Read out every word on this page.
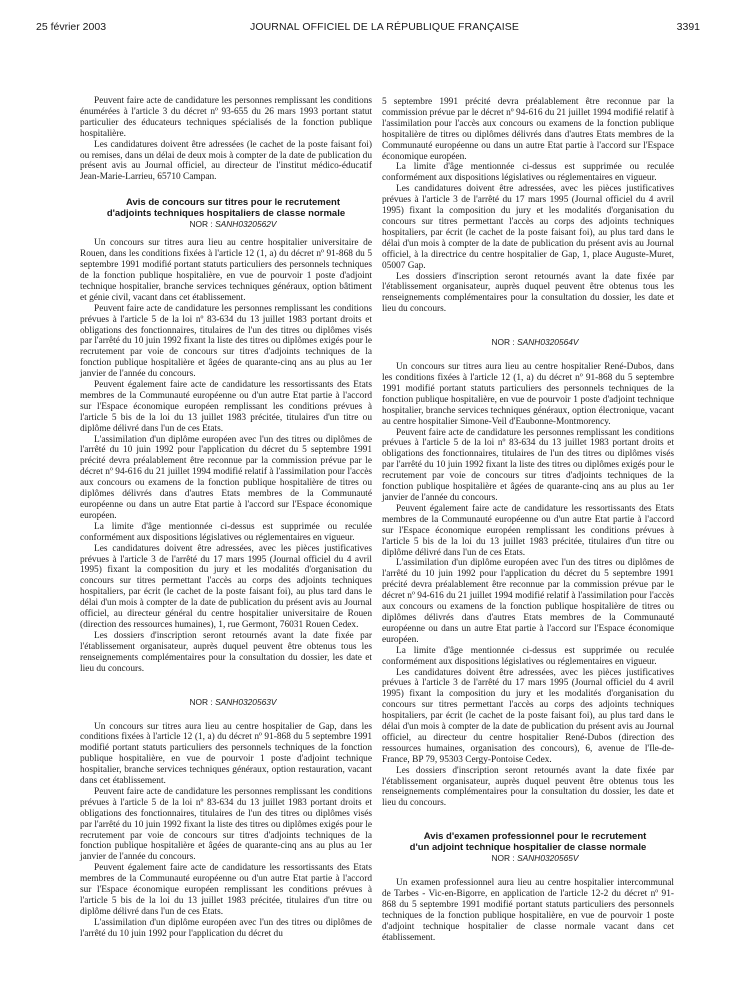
25 février 2003	JOURNAL OFFICIEL DE LA RÉPUBLIQUE FRANÇAISE	3391

Peuvent faire acte de candidature les personnes remplissant les conditions énumérées à l'article 3 du décret nº 93-655 du 26 mars 1993 portant statut particulier des éducateurs techniques spécialisés de la fonction publique hospitalière.

Les candidatures doivent être adressées (le cachet de la poste faisant foi) ou remises, dans un délai de deux mois à compter de la date de publication du présent avis au Journal officiel, au directeur de l'institut médico-éducatif Jean-Marie-Larrieu, 65710 Campan.

Avis de concours sur titres pour le recrutement
d'adjoints techniques hospitaliers de classe normale

NOR : SANH0320562V

Un concours sur titres aura lieu au centre hospitalier universitaire de Rouen, dans les conditions fixées à l'article 12 (1, a) du décret nº 91-868 du 5 septembre 1991 modifié portant statuts particuliers des personnels techniques de la fonction publique hospitalière, en vue de pourvoir 1 poste d'adjoint technique hospitalier, branche services techniques généraux, option bâtiment et génie civil, vacant dans cet établissement.

Peuvent faire acte de candidature les personnes remplissant les conditions prévues à l'article 5 de la loi nº 83-634 du 13 juillet 1983 portant droits et obligations des fonctionnaires, titulaires de l'un des titres ou diplômes visés par l'arrêté du 10 juin 1992 fixant la liste des titres ou diplômes exigés pour le recrutement par voie de concours sur titres d'adjoints techniques de la fonction publique hospitalière et âgées de quarante-cinq ans au plus au 1er janvier de l'année du concours.

Peuvent également faire acte de candidature les ressortissants des Etats membres de la Communauté européenne ou d'un autre Etat partie à l'accord sur l'Espace économique européen remplissant les conditions prévues à l'article 5 bis de la loi du 13 juillet 1983 précitée, titulaires d'un titre ou diplôme délivré dans l'un de ces Etats.

L'assimilation d'un diplôme européen avec l'un des titres ou diplômes de l'arrêté du 10 juin 1992 pour l'application du décret du 5 septembre 1991 précité devra préalablement être reconnue par la commission prévue par le décret nº 94-616 du 21 juillet 1994 modifié relatif à l'assimilation pour l'accès aux concours ou examens de la fonction publique hospitalière de titres ou diplômes délivrés dans d'autres Etats membres de la Communauté européenne ou dans un autre Etat partie à l'accord sur l'Espace économique européen.

La limite d'âge mentionnée ci-dessus est supprimée ou reculée conformément aux dispositions législatives ou réglementaires en vigueur.

Les candidatures doivent être adressées, avec les pièces justificatives prévues à l'article 3 de l'arrêté du 17 mars 1995 (Journal officiel du 4 avril 1995) fixant la composition du jury et les modalités d'organisation du concours sur titres permettant l'accès au corps des adjoints techniques hospitaliers, par écrit (le cachet de la poste faisant foi), au plus tard dans le délai d'un mois à compter de la date de publication du présent avis au Journal officiel, au directeur général du centre hospitalier universitaire de Rouen (direction des ressources humaines), 1, rue Germont, 76031 Rouen Cedex.

Les dossiers d'inscription seront retournés avant la date fixée par l'établissement organisateur, auprès duquel peuvent être obtenus tous les renseignements complémentaires pour la consultation du dossier, les date et lieu du concours.

NOR : SANH0320563V

Un concours sur titres aura lieu au centre hospitalier de Gap, dans les conditions fixées à l'article 12 (1, a) du décret nº 91-868 du 5 septembre 1991 modifié portant statuts particuliers des personnels techniques de la fonction publique hospitalière, en vue de pourvoir 1 poste d'adjoint technique hospitalier, branche services techniques généraux, option restauration, vacant dans cet établissement.

Peuvent faire acte de candidature les personnes remplissant les conditions prévues à l'article 5 de la loi nº 83-634 du 13 juillet 1983 portant droits et obligations des fonctionnaires, titulaires de l'un des titres ou diplômes visés par l'arrêté du 10 juin 1992 fixant la liste des titres ou diplômes exigés pour le recrutement par voie de concours sur titres d'adjoints techniques de la fonction publique hospitalière et âgées de quarante-cinq ans au plus au 1er janvier de l'année du concours.

Peuvent également faire acte de candidature les ressortissants des Etats membres de la Communauté européenne ou d'un autre Etat partie à l'accord sur l'Espace économique européen remplissant les conditions prévues à l'article 5 bis de la loi du 13 juillet 1983 précitée, titulaires d'un titre ou diplôme délivré dans l'un de ces Etats.

L'assimilation d'un diplôme européen avec l'un des titres ou diplômes de l'arrêté du 10 juin 1992 pour l'application du décret du

5 septembre 1991 précité devra préalablement être reconnue par la commission prévue par le décret nº 94-616 du 21 juillet 1994 modifié relatif à l'assimilation pour l'accès aux concours ou examens de la fonction publique hospitalière de titres ou diplômes délivrés dans d'autres Etats membres de la Communauté européenne ou dans un autre Etat partie à l'accord sur l'Espace économique européen.

La limite d'âge mentionnée ci-dessus est supprimée ou reculée conformément aux dispositions législatives ou réglementaires en vigueur.

Les candidatures doivent être adressées, avec les pièces justificatives prévues à l'article 3 de l'arrêté du 17 mars 1995 (Journal officiel du 4 avril 1995) fixant la composition du jury et les modalités d'organisation du concours sur titres permettant l'accès au corps des adjoints techniques hospitaliers, par écrit (le cachet de la poste faisant foi), au plus tard dans le délai d'un mois à compter de la date de publication du présent avis au Journal officiel, à la directrice du centre hospitalier de Gap, 1, place Auguste-Muret, 05007 Gap.

Les dossiers d'inscription seront retournés avant la date fixée par l'établissement organisateur, auprès duquel peuvent être obtenus tous les renseignements complémentaires pour la consultation du dossier, les date et lieu du concours.

NOR : SANH0320564V

Un concours sur titres aura lieu au centre hospitalier René-Dubos, dans les conditions fixées à l'article 12 (1, a) du décret nº 91-868 du 5 septembre 1991 modifié portant statuts particuliers des personnels techniques de la fonction publique hospitalière, en vue de pourvoir 1 poste d'adjoint technique hospitalier, branche services techniques généraux, option électronique, vacant au centre hospitalier Simone-Veil d'Eaubonne-Montmorency.

Peuvent faire acte de candidature les personnes remplissant les conditions prévues à l'article 5 de la loi nº 83-634 du 13 juillet 1983 portant droits et obligations des fonctionnaires, titulaires de l'un des titres ou diplômes visés par l'arrêté du 10 juin 1992 fixant la liste des titres ou diplômes exigés pour le recrutement par voie de concours sur titres d'adjoints techniques de la fonction publique hospitalière et âgées de quarante-cinq ans au plus au 1er janvier de l'année du concours.

Peuvent également faire acte de candidature les ressortissants des Etats membres de la Communauté européenne ou d'un autre Etat partie à l'accord sur l'Espace économique européen remplissant les conditions prévues à l'article 5 bis de la loi du 13 juillet 1983 précitée, titulaires d'un titre ou diplôme délivré dans l'un de ces Etats.

L'assimilation d'un diplôme européen avec l'un des titres ou diplômes de l'arrêté du 10 juin 1992 pour l'application du décret du 5 septembre 1991 précité devra préalablement être reconnue par la commission prévue par le décret nº 94-616 du 21 juillet 1994 modifié relatif à l'assimilation pour l'accès aux concours ou examens de la fonction publique hospitalière de titres ou diplômes délivrés dans d'autres Etats membres de la Communauté européenne ou dans un autre Etat partie à l'accord sur l'Espace économique européen.

La limite d'âge mentionnée ci-dessus est supprimée ou reculée conformément aux dispositions législatives ou réglementaires en vigueur.

Les candidatures doivent être adressées, avec les pièces justificatives prévues à l'article 3 de l'arrêté du 17 mars 1995 (Journal officiel du 4 avril 1995) fixant la composition du jury et les modalités d'organisation du concours sur titres permettant l'accès au corps des adjoints techniques hospitaliers, par écrit (le cachet de la poste faisant foi), au plus tard dans le délai d'un mois à compter de la date de publication du présent avis au Journal officiel, au directeur du centre hospitalier René-Dubos (direction des ressources humaines, organisation des concours), 6, avenue de l'Ile-de-France, BP 79, 95303 Cergy-Pontoise Cedex.

Les dossiers d'inscription seront retournés avant la date fixée par l'établissement organisateur, auprès duquel peuvent être obtenus tous les renseignements complémentaires pour la consultation du dossier, les date et lieu du concours.

Avis d'examen professionnel pour le recrutement
d'un adjoint technique hospitalier de classe normale

NOR : SANH0320565V

Un examen professionnel aura lieu au centre hospitalier intercommunal de Tarbes - Vic-en-Bigorre, en application de l'article 12-2 du décret nº 91-868 du 5 septembre 1991 modifié portant statuts particuliers des personnels techniques de la fonction publique hospitalière, en vue de pourvoir 1 poste d'adjoint technique hospitalier de classe normale vacant dans cet établissement.
